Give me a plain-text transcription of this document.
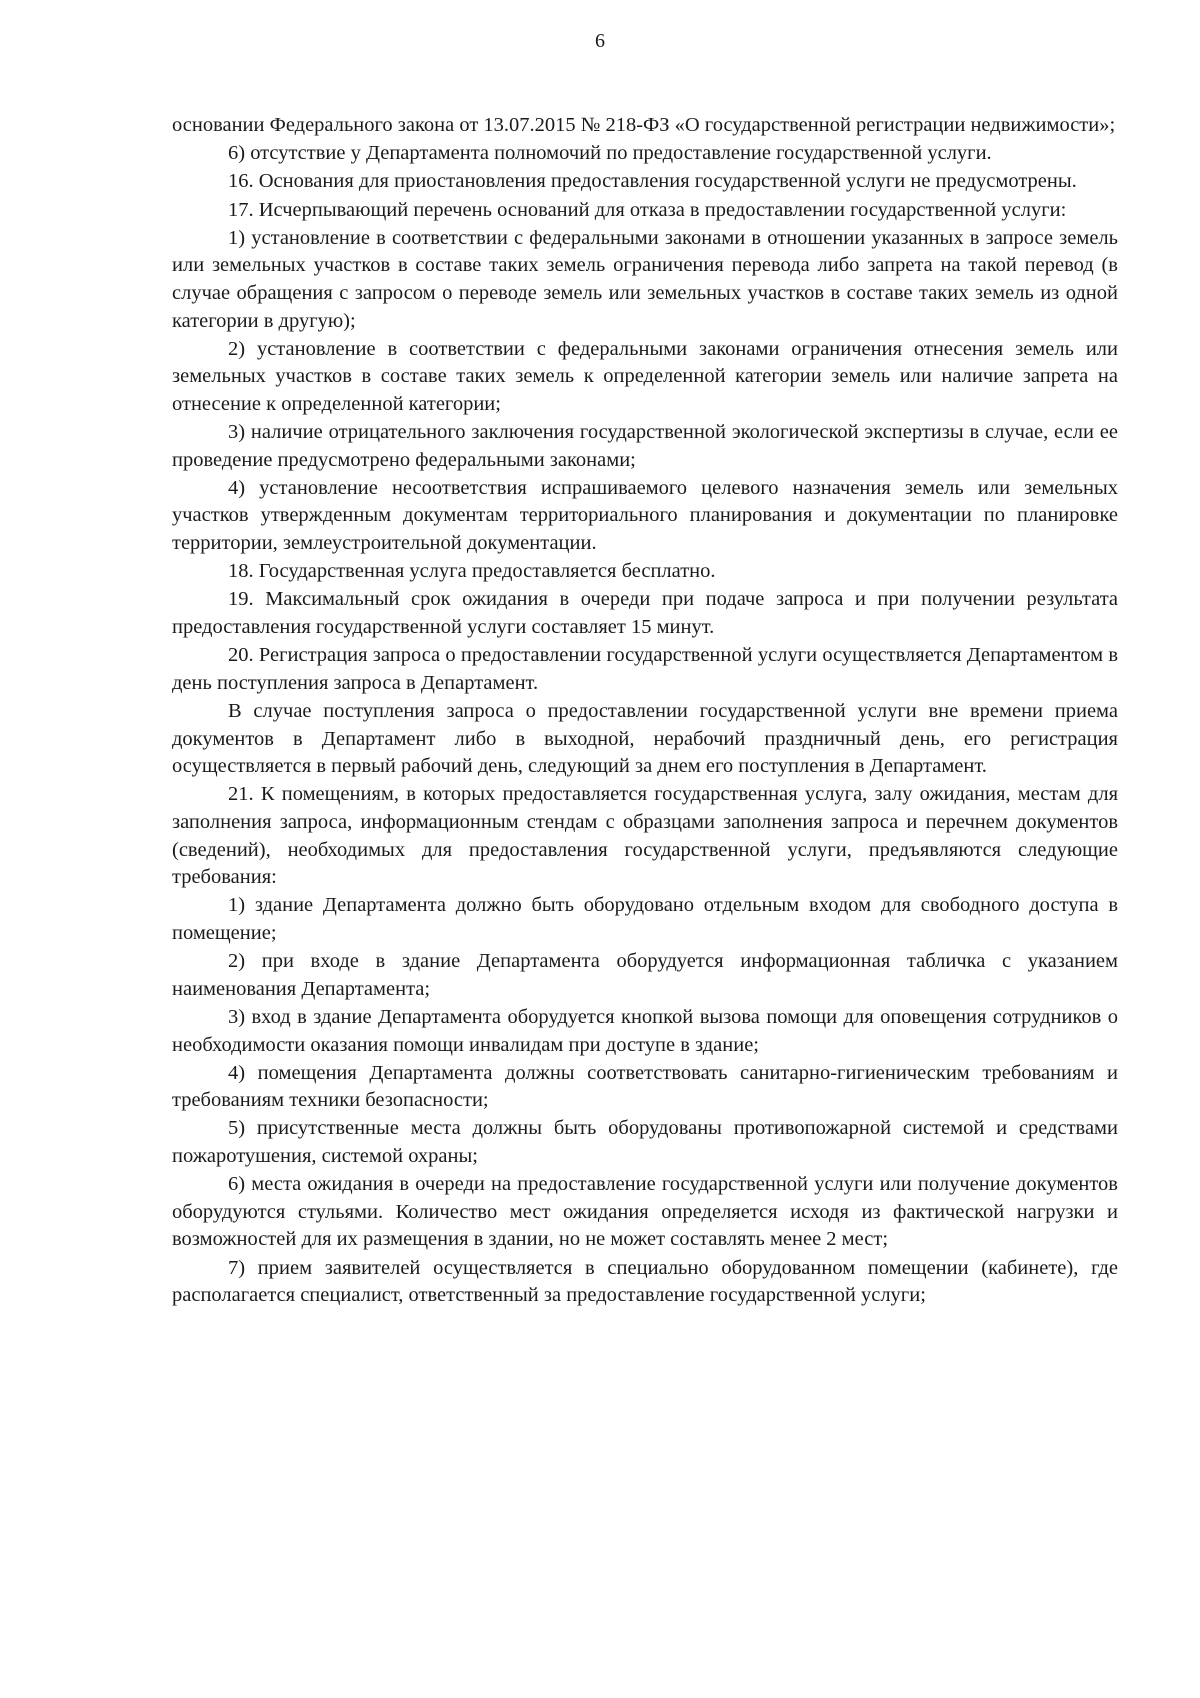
6

основании Федерального закона от 13.07.2015 № 218-ФЗ «О государственной регистрации недвижимости»;

6) отсутствие у Департамента полномочий по предоставление государственной услуги.

16. Основания для приостановления предоставления государственной услуги не предусмотрены.

17. Исчерпывающий перечень оснований для отказа в предоставлении государственной услуги:

1) установление в соответствии с федеральными законами в отношении указанных в запросе земель или земельных участков в составе таких земель ограничения перевода либо запрета на такой перевод (в случае обращения с запросом о переводе земель или земельных участков в составе таких земель из одной категории в другую);

2) установление в соответствии с федеральными законами ограничения отнесения земель или земельных участков в составе таких земель к определенной категории земель или наличие запрета на отнесение к определенной категории;

3) наличие отрицательного заключения государственной экологической экспертизы в случае, если ее проведение предусмотрено федеральными законами;

4) установление несоответствия испрашиваемого целевого назначения земель или земельных участков утвержденным документам территориального планирования и документации по планировке территории, землеустроительной документации.

18. Государственная услуга предоставляется бесплатно.

19. Максимальный срок ожидания в очереди при подаче запроса и при получении результата предоставления государственной услуги составляет 15 минут.

20. Регистрация запроса о предоставлении государственной услуги осуществляется Департаментом в день поступления запроса в Департамент.

В случае поступления запроса о предоставлении государственной услуги вне времени приема документов в Департамент либо в выходной, нерабочий праздничный день, его регистрация осуществляется в первый рабочий день, следующий за днем его поступления в Департамент.

21. К помещениям, в которых предоставляется государственная услуга, залу ожидания, местам для заполнения запроса, информационным стендам с образцами заполнения запроса и перечнем документов (сведений), необходимых для предоставления государственной услуги, предъявляются следующие требования:

1) здание Департамента должно быть оборудовано отдельным входом для свободного доступа в помещение;

2) при входе в здание Департамента оборудуется информационная табличка с указанием наименования Департамента;

3) вход в здание Департамента оборудуется кнопкой вызова помощи для оповещения сотрудников о необходимости оказания помощи инвалидам при доступе в здание;

4) помещения Департамента должны соответствовать санитарно-гигиеническим требованиям и требованиям техники безопасности;

5) присутственные места должны быть оборудованы противопожарной системой и средствами пожаротушения, системой охраны;

6) места ожидания в очереди на предоставление государственной услуги или получение документов оборудуются стульями. Количество мест ожидания определяется исходя из фактической нагрузки и возможностей для их размещения в здании, но не может составлять менее 2 мест;

7) прием заявителей осуществляется в специально оборудованном помещении (кабинете), где располагается специалист, ответственный за предоставление государственной услуги;
